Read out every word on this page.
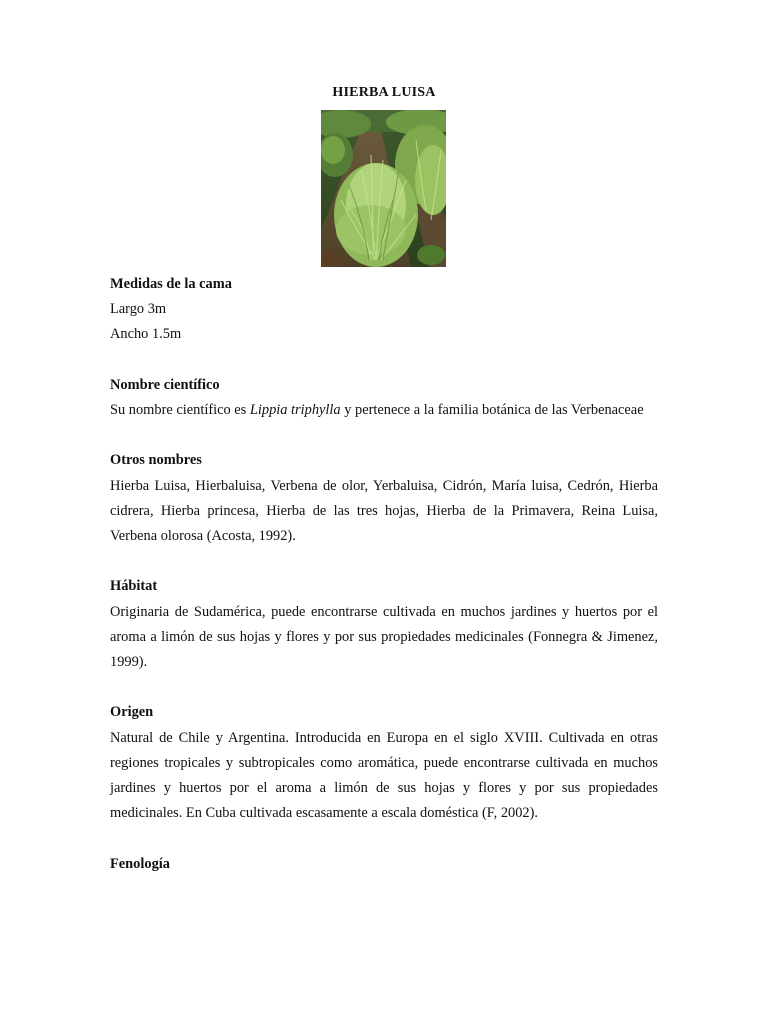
HIERBA LUISA
Medidas de la cama
Largo 3m
Ancho 1.5m
Nombre científico
Su nombre científico es Lippia triphylla y pertenece a la familia botánica de las Verbenaceae
Otros nombres
Hierba Luisa, Hierbaluisa, Verbena de olor, Yerbaluisa, Cidrón, María luisa, Cedrón, Hierba cidrera, Hierba princesa, Hierba de las tres hojas, Hierba de la Primavera, Reina Luisa, Verbena olorosa (Acosta, 1992).
Hábitat
Originaria de Sudamérica, puede encontrarse cultivada en muchos jardines y huertos por el aroma a limón de sus hojas y flores y por sus propiedades medicinales (Fonnegra & Jimenez, 1999).
Origen
Natural de Chile y Argentina. Introducida en Europa en el siglo XVIII. Cultivada en otras regiones tropicales y subtropicales como aromática, puede encontrarse cultivada en muchos jardines y huertos por el aroma a limón de sus hojas y flores y por sus propiedades medicinales. En Cuba cultivada escasamente a escala doméstica (F, 2002).
Fenología
